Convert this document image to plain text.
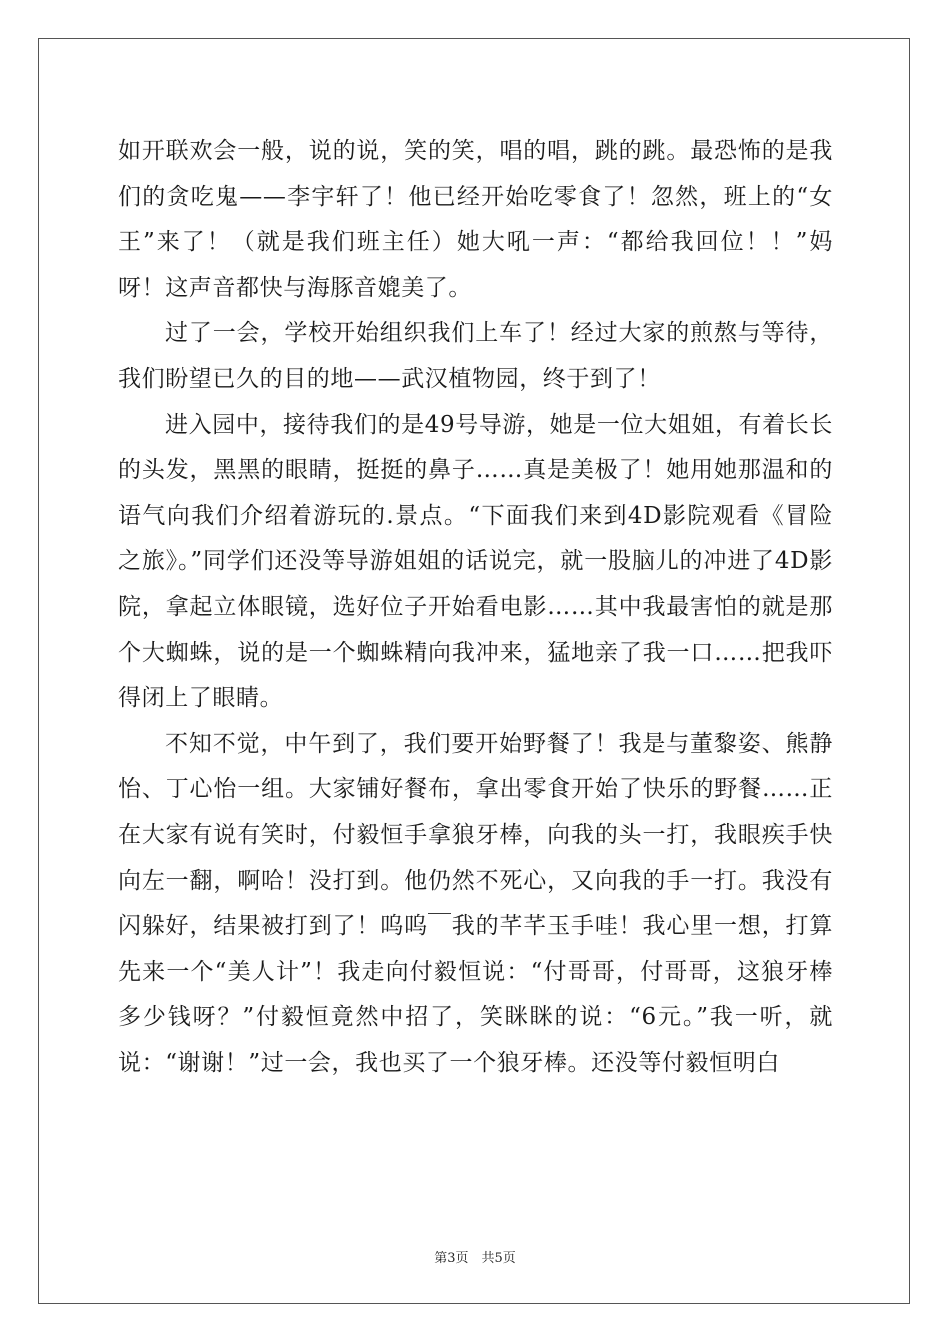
如开联欢会一般，说的说，笑的笑，唱的唱，跳的跳。最恐怖的是我们的贪吃鬼——李宇轩了！他已经开始吃零食了！忽然，班上的“女王”来了！（就是我们班主任）她大吼一声：“都给我回位！！”妈呀！这声音都快与海豚音媲美了。

过了一会，学校开始组织我们上车了！经过大家的煎熬与等待，我们盼望已久的目的地——武汉植物园，终于到了！

进入园中，接待我们的是49号导游，她是一位大姐姐，有着长长的头发，黑黑的眼睛，挺挺的鼻子……真是美极了！她用她那温和的语气向我们介绍着游玩的.景点。“下面我们来到4D影院观看《冒险之旅》。”同学们还没等导游姐姐的话说完，就一股脑儿的冲进了4D影院，拿起立体眼镜，选好位子开始看电影……其中我最害怕的就是那个大蜘蛛，说的是一个蜘蛛精向我冲来，猛地亲了我一口……把我吓得闭上了眼睛。

不知不觉，中午到了，我们要开始野餐了！我是与董黎姿、熊静怡、丁心怡一组。大家铺好餐布，拿出零食开始了快乐的野餐……正在大家有说有笑时，付毅恒手拿狼牙棒，向我的头一打，我眼疾手快向左一翻，啊哈！没打到。他仍然不死心，又向我的手一打。我没有闪躲好，结果被打到了！呜呜￣我的芊芊玉手哇！我心里一想，打算先来一个“美人计”！我走向付毅恒说：“付哥哥，付哥哥，这狼牙棒多少钱呀？”付毅恒竟然中招了，笑眯眯的说：“6元。”我一听，就说：“谢谢！”过一会，我也买了一个狼牙棒。还没等付毅恒明白

第3页　共5页
